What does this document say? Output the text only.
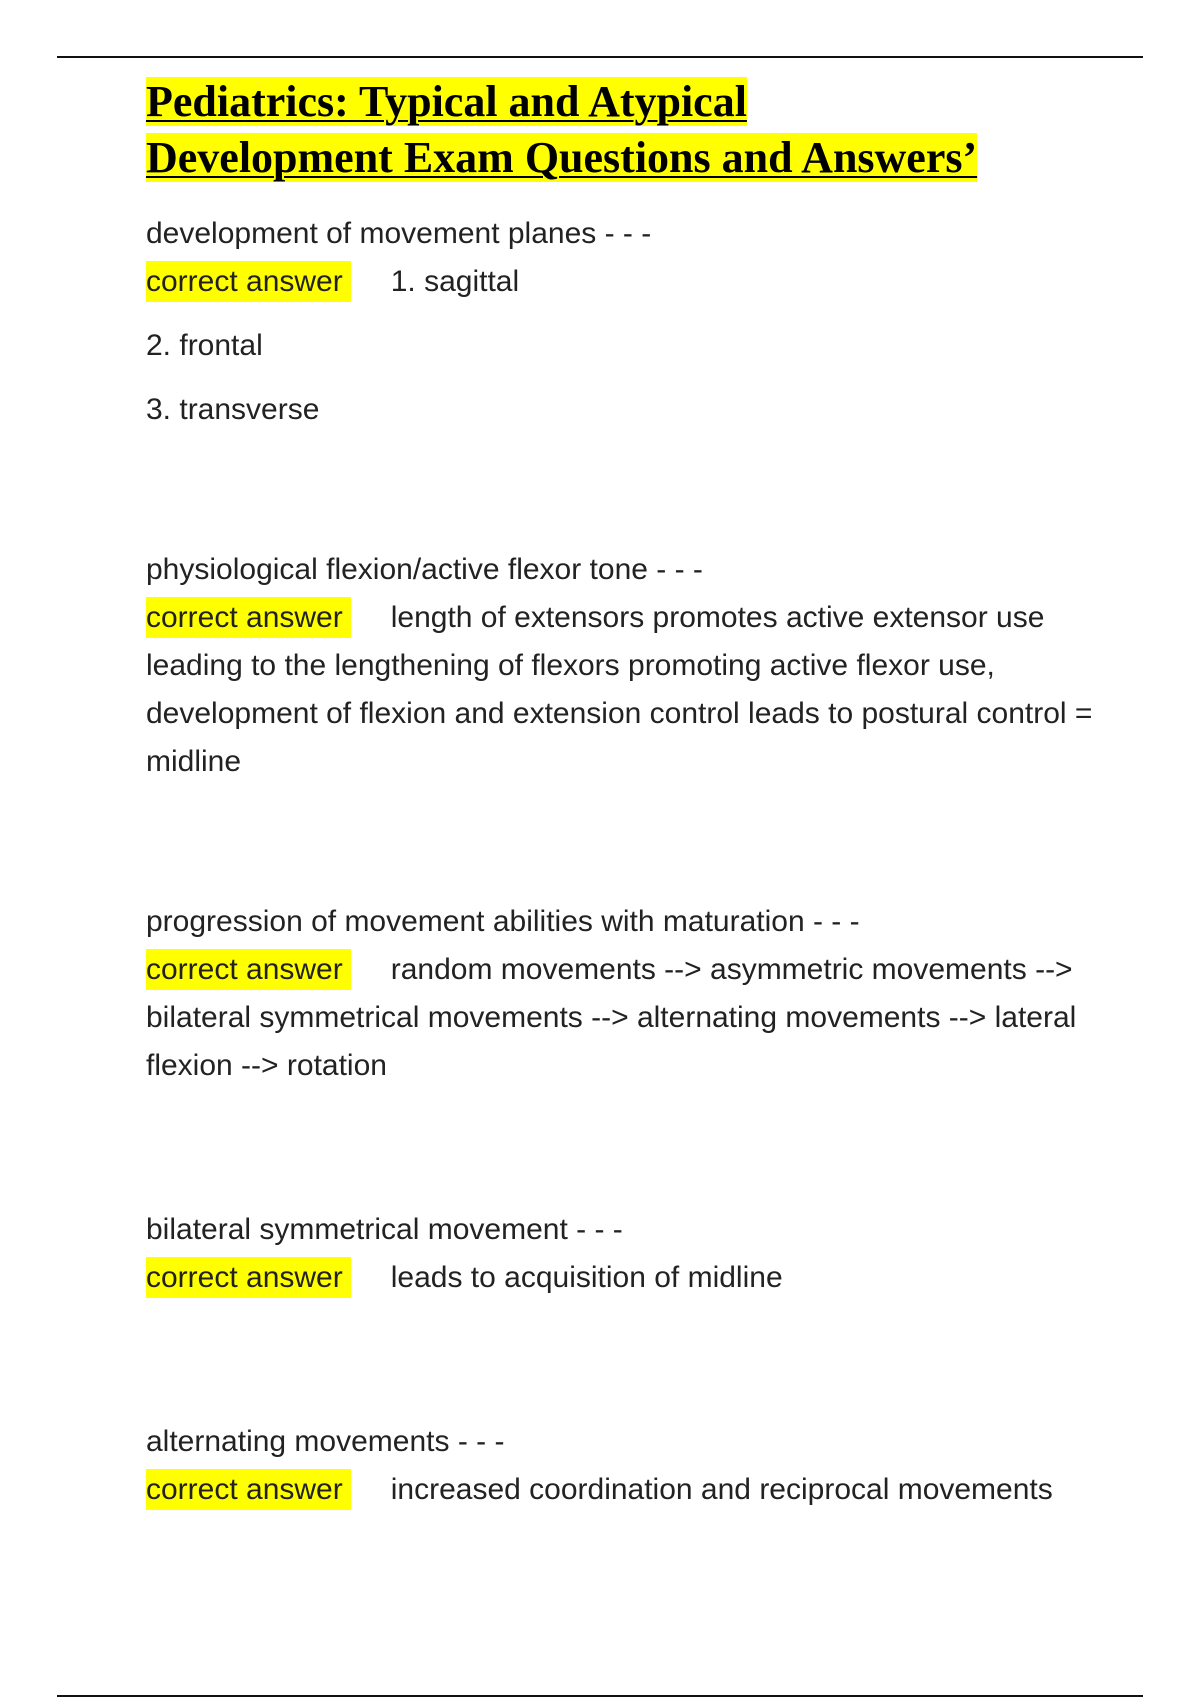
Pediatrics: Typical and Atypical
Development Exam Questions and Answers’

development of movement planes - - -

correct answer 1. sagittal

2. frontal

3. transverse

physiological flexion/active flexor tone - - -

correct answer length of extensors promotes active extensor use leading to the lengthening of flexors promoting active flexor use, development of flexion and extension control leads to postural control = midline

progression of movement abilities with maturation - - -

correct answer random movements --> asymmetric movements --> bilateral symmetrical movements --> alternating movements --> lateral flexion --> rotation

bilateral symmetrical movement - - -

correct answer leads to acquisition of midline

alternating movements - - -

correct answer increased coordination and reciprocal movements
